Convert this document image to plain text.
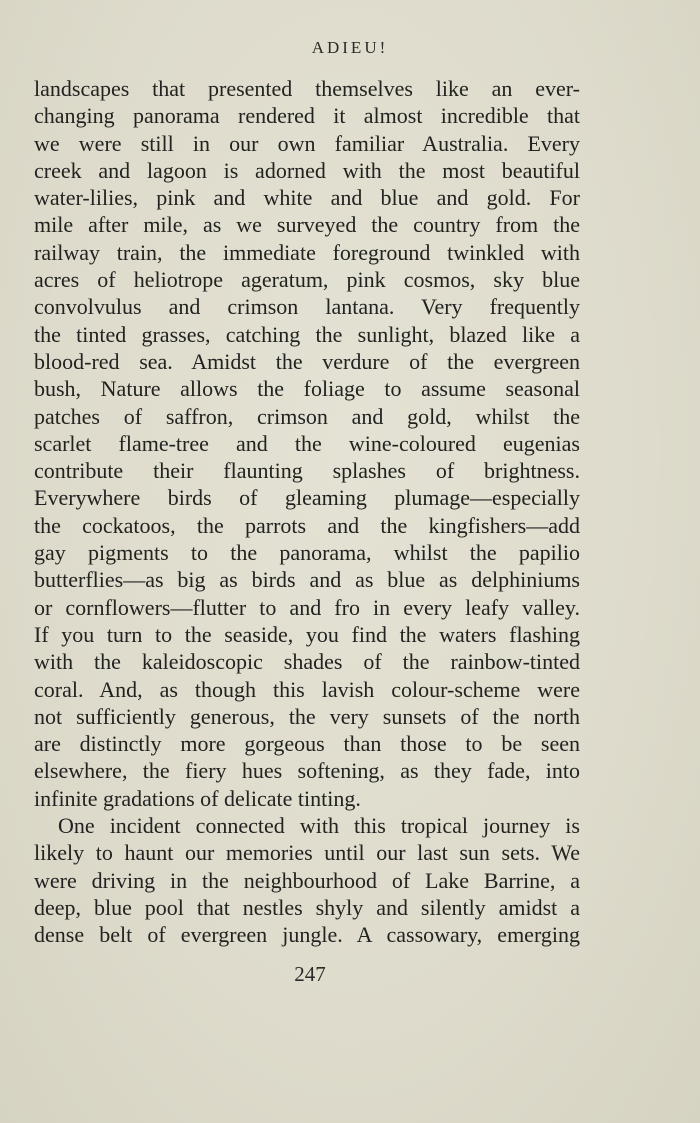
ADIEU!

landscapes that presented themselves like an ever-
changing panorama rendered it almost incredible that
we were still in our own familiar Australia. Every
creek and lagoon is adorned with the most beautiful
water-lilies, pink and white and blue and gold. For
mile after mile, as we surveyed the country from the
railway train, the immediate foreground twinkled with
acres of heliotrope ageratum, pink cosmos, sky blue
convolvulus and crimson lantana. Very frequently
the tinted grasses, catching the sunlight, blazed like a
blood-red sea. Amidst the verdure of the evergreen
bush, Nature allows the foliage to assume seasonal
patches of saffron, crimson and gold, whilst the
scarlet flame-tree and the wine-coloured eugenias
contribute their flaunting splashes of brightness.
Everywhere birds of gleaming plumage—especially
the cockatoos, the parrots and the kingfishers—add
gay pigments to the panorama, whilst the papilio
butterflies—as big as birds and as blue as delphiniums
or cornflowers—flutter to and fro in every leafy valley.
If you turn to the seaside, you find the waters flashing
with the kaleidoscopic shades of the rainbow-tinted
coral. And, as though this lavish colour-scheme were
not sufficiently generous, the very sunsets of the north
are distinctly more gorgeous than those to be seen
elsewhere, the fiery hues softening, as they fade, into
infinite gradations of delicate tinting.
One incident connected with this tropical journey is
likely to haunt our memories until our last sun sets. We
were driving in the neighbourhood of Lake Barrine, a
deep, blue pool that nestles shyly and silently amidst a
dense belt of evergreen jungle. A cassowary, emerging

247
